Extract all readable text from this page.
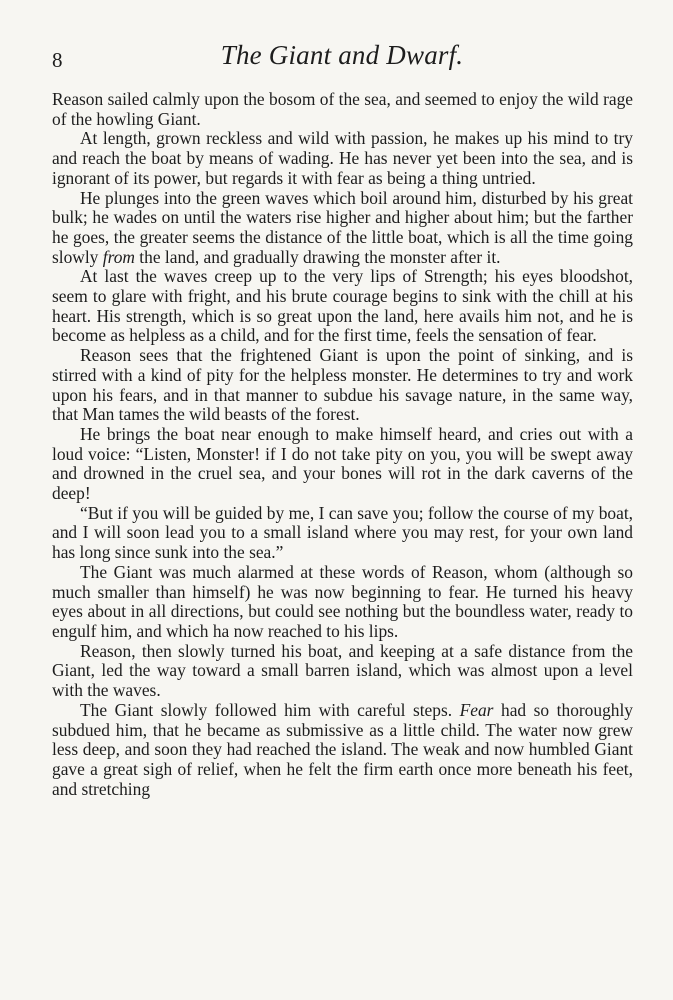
8	The Giant and Dwarf.

Reason sailed calmly upon the bosom of the sea, and seemed to enjoy the wild rage of the howling Giant.

At length, grown reckless and wild with passion, he makes up his mind to try and reach the boat by means of wading. He has never yet been into the sea, and is ignorant of its power, but regards it with fear as being a thing untried.

He plunges into the green waves which boil around him, disturbed by his great bulk; he wades on until the waters rise higher and higher about him; but the farther he goes, the greater seems the distance of the little boat, which is all the time going slowly from the land, and gradually drawing the monster after it.

At last the waves creep up to the very lips of Strength; his eyes bloodshot, seem to glare with fright, and his brute courage begins to sink with the chill at his heart. His strength, which is so great upon the land, here avails him not, and he is become as helpless as a child, and for the first time, feels the sensation of fear.

Reason sees that the frightened Giant is upon the point of sinking, and is stirred with a kind of pity for the helpless monster. He determines to try and work upon his fears, and in that manner to subdue his savage nature, in the same way, that Man tames the wild beasts of the forest.

He brings the boat near enough to make himself heard, and cries out with a loud voice: “Listen, Monster! if I do not take pity on you, you will be swept away and drowned in the cruel sea, and your bones will rot in the dark caverns of the deep!

“But if you will be guided by me, I can save you; follow the course of my boat, and I will soon lead you to a small island where you may rest, for your own land has long since sunk into the sea.”

The Giant was much alarmed at these words of Reason, whom (although so much smaller than himself) he was now beginning to fear. He turned his heavy eyes about in all directions, but could see nothing but the boundless water, ready to engulf him, and which ha now reached to his lips.

Reason, then slowly turned his boat, and keeping at a safe distance from the Giant, led the way toward a small barren island, which was almost upon a level with the waves.

The Giant slowly followed him with careful steps. Fear had so thoroughly subdued him, that he became as submissive as a little child. The water now grew less deep, and soon they had reached the island. The weak and now humbled Giant gave a great sigh of relief, when he felt the firm earth once more beneath his feet, and stretching
